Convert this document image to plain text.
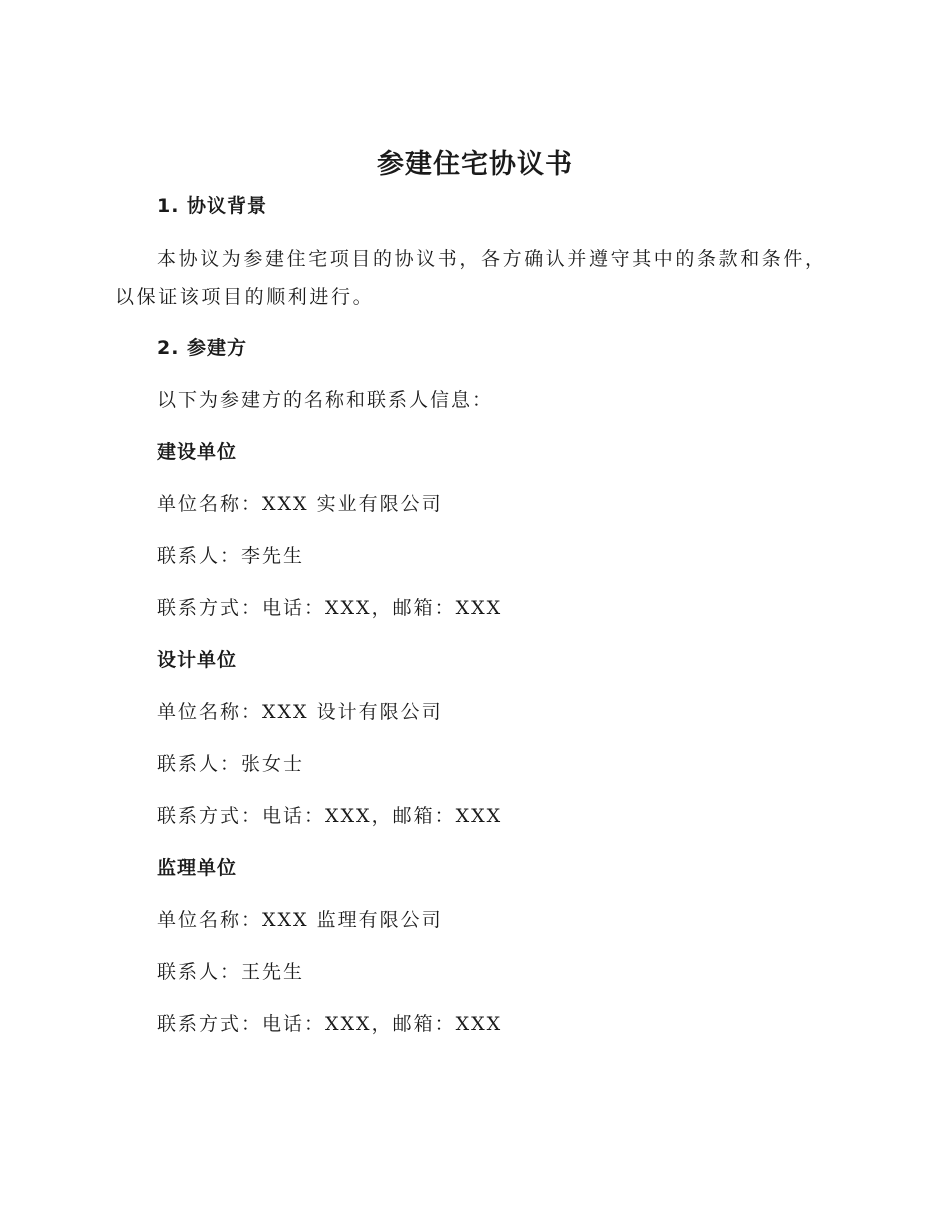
参建住宅协议书
1. 协议背景
本协议为参建住宅项目的协议书，各方确认并遵守其中的条款和条件，以保证该项目的顺利进行。
2. 参建方
以下为参建方的名称和联系人信息：
建设单位
单位名称：XXX 实业有限公司
联系人：李先生
联系方式：电话：XXX，邮箱：XXX
设计单位
单位名称：XXX 设计有限公司
联系人：张女士
联系方式：电话：XXX，邮箱：XXX
监理单位
单位名称：XXX 监理有限公司
联系人：王先生
联系方式：电话：XXX，邮箱：XXX
